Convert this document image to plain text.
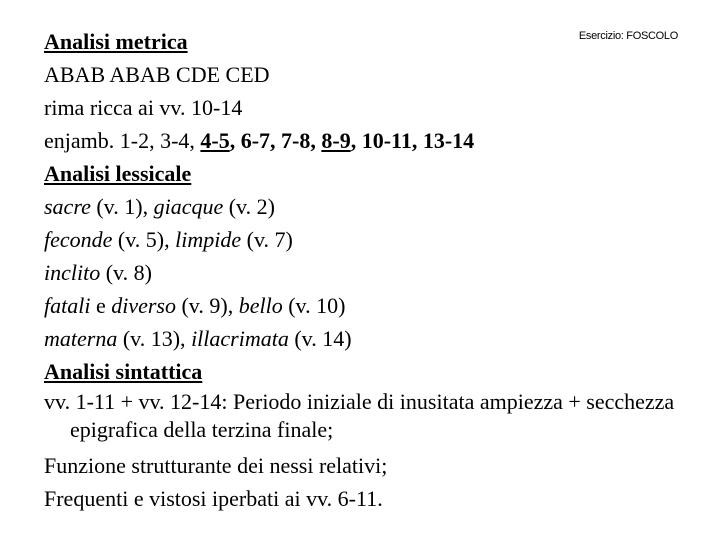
Esercizio: FOSCOLO
Analisi metrica
ABAB ABAB CDE CED
rima ricca ai vv. 10-14
enjamb. 1-2, 3-4, 4-5, 6-7, 7-8, 8-9, 10-11, 13-14
Analisi lessicale
sacre (v. 1), giacque (v. 2)
feconde (v. 5), limpide (v. 7)
inclito (v. 8)
fatali e diverso (v. 9), bello (v. 10)
materna (v. 13), illacrimata (v. 14)
Analisi sintattica
vv. 1-11 + vv. 12-14: Periodo iniziale di inusitata ampiezza + secchezza epigrafica della terzina finale;
Funzione strutturante dei nessi relativi;
Frequenti e vistosi iperbati ai vv. 6-11.
